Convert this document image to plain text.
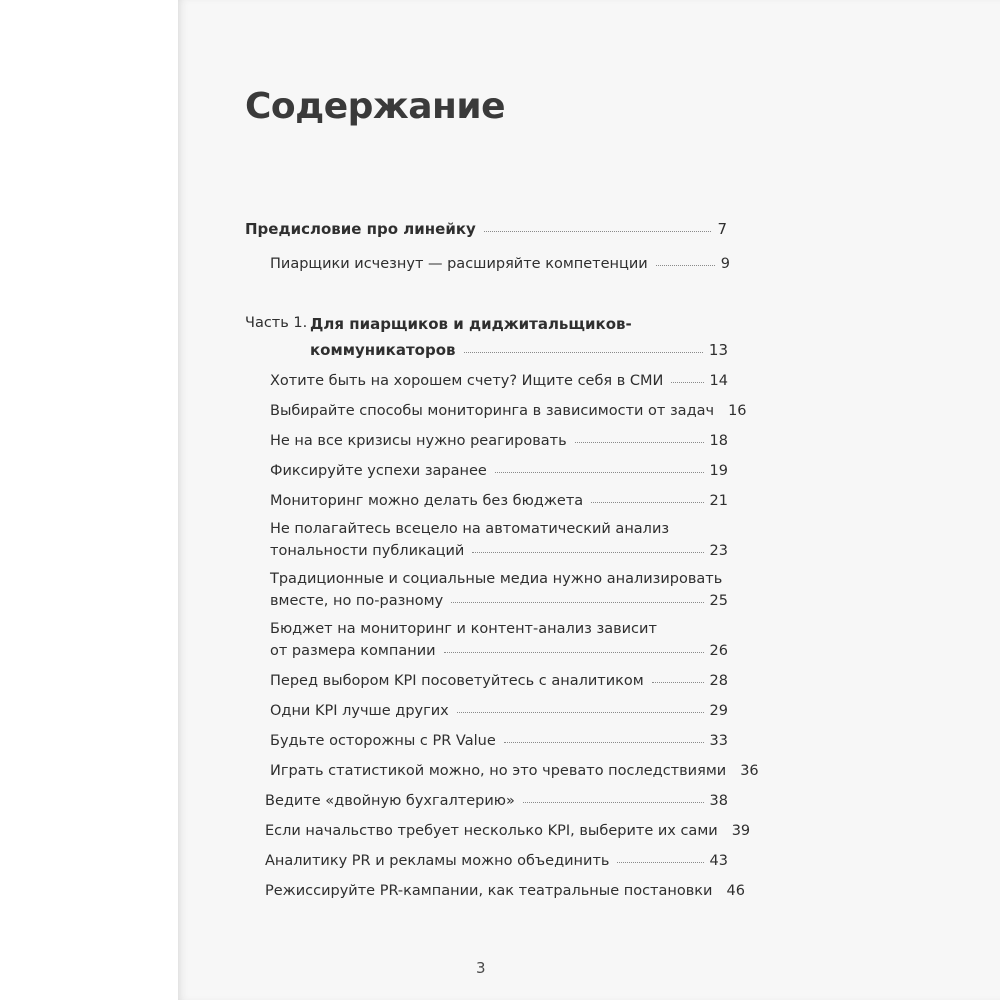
Содержание
Предисловие про линейку	7
Пиарщики исчезнут — расширяйте компетенции	9
Часть 1. Для пиарщиков и диджитальщиков-
коммуникаторов	13
Хотите быть на хорошем счету? Ищите себя в СМИ	14
Выбирайте способы мониторинга в зависимости от задач 16
Не на все кризисы нужно реагировать	18
Фиксируйте успехи заранее	19
Мониторинг можно делать без бюджета	21
Не полагайтесь всецело на автоматический анализ
тональности публикаций	23
Традиционные и социальные медиа нужно анализировать
вместе, но по-разному	25
Бюджет на мониторинг и контент-анализ зависит
от размера компании	26
Перед выбором KPI посоветуйтесь с аналитиком	28
Одни KPI лучше других	29
Будьте осторожны с PR Value	33
Играть статистикой можно, но это чревато последствиями 36
Ведите «двойную бухгалтерию»	38
Если начальство требует несколько KPI, выберите их сами 39
Аналитику PR и рекламы можно объединить	43
Режиссируйте PR-кампании, как театральные постановки 46
3
